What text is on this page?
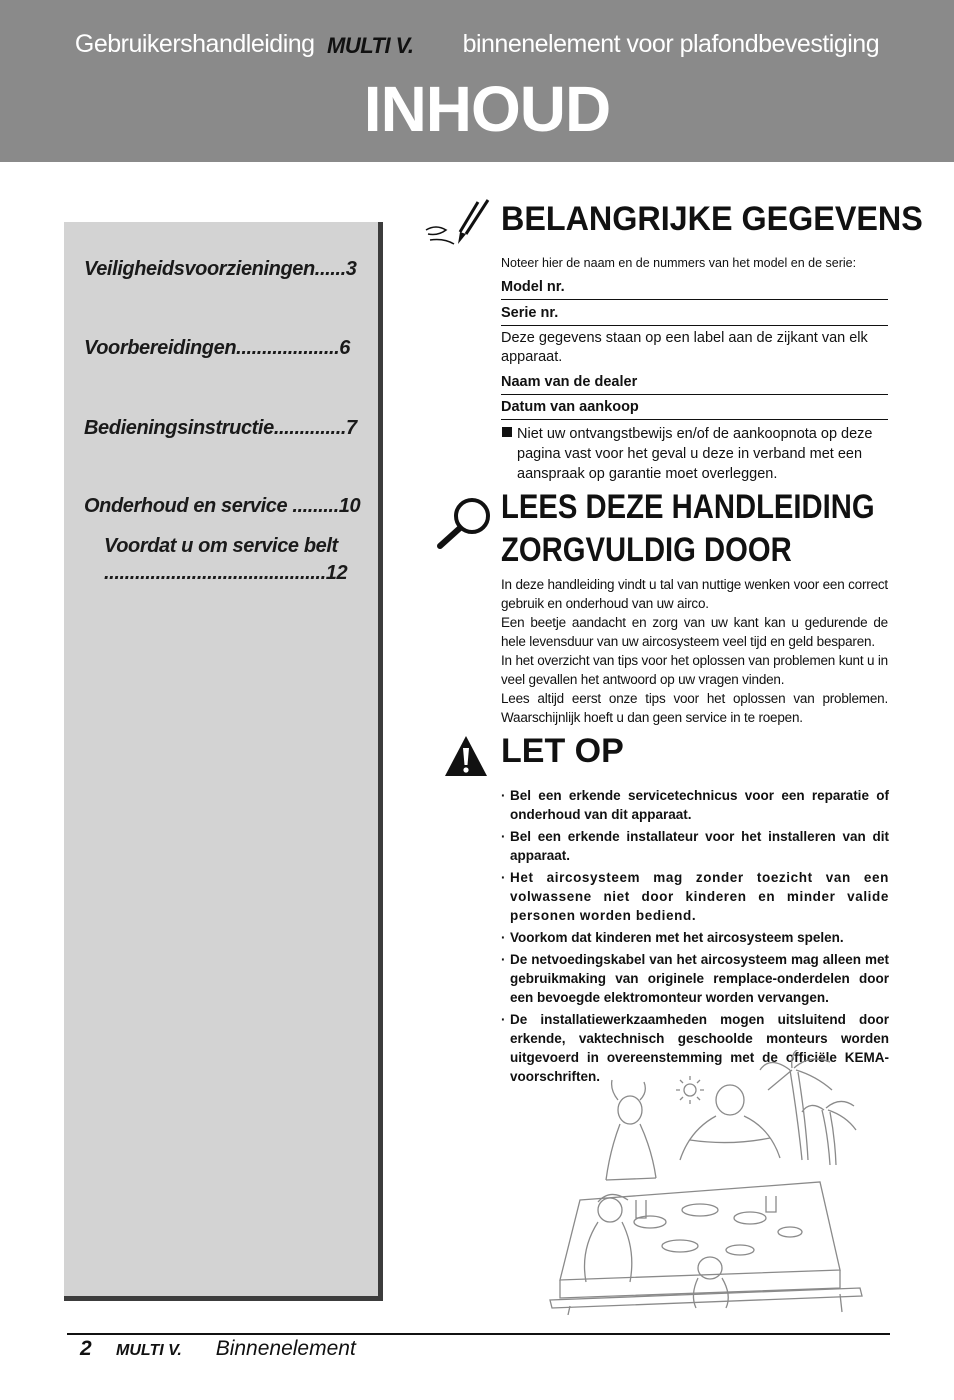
Gebruikershandleiding MULTI V. binnenelement voor plafondbevestiging
INHOUD
Veiligheidsvoorzieningen......3
Voorbereidingen....................6
Bedieningsinstructie..............7
Onderhoud en service .........10
Voordat u om service belt
...........................................12
BELANGRIJKE GEGEVENS
Noteer hier de naam en de nummers van het model en de serie:
Model nr.
Serie nr.
Deze gegevens staan op een label aan de zijkant van elk apparaat.
Naam van de dealer
Datum van aankoop
Niet uw ontvangstbewijs en/of de aankoopnota op deze pagina vast voor het geval u deze in verband met een aanspraak op garantie moet overleggen.
LEES DEZE HANDLEIDING
ZORGVULDIG DOOR
In deze handleiding vindt u tal van nuttige wenken voor een correct gebruik en onderhoud van uw airco.
Een beetje aandacht en zorg van uw kant kan u gedurende de hele levensduur van uw aircosysteem veel tijd en geld besparen.
In het overzicht van tips voor het oplossen van problemen kunt u in veel gevallen het antwoord op uw vragen vinden.
Lees altijd eerst onze tips voor het oplossen van problemen. Waarschijnlijk hoeft u dan geen service in te roepen.
LET OP
· Bel een erkende servicetechnicus voor een reparatie of onderhoud van dit apparaat.
· Bel een erkende installateur voor het installeren van dit apparaat.
· Het aircosysteem mag zonder toezicht van een volwassene niet door kinderen en minder valide personen worden bediend.
· Voorkom dat kinderen met het aircosysteem spelen.
· De netvoedingskabel van het aircosysteem mag alleen met gebruikmaking van originele remplace-onderdelen door een bevoegde elektromonteur worden vervangen.
· De installatiewerkzaamheden mogen uitsluitend door erkende, vaktechnisch geschoolde monteurs worden uitgevoerd in overeenstemming met de officiële KEMA-voorschriften.
2 MULTI V. Binnenelement
